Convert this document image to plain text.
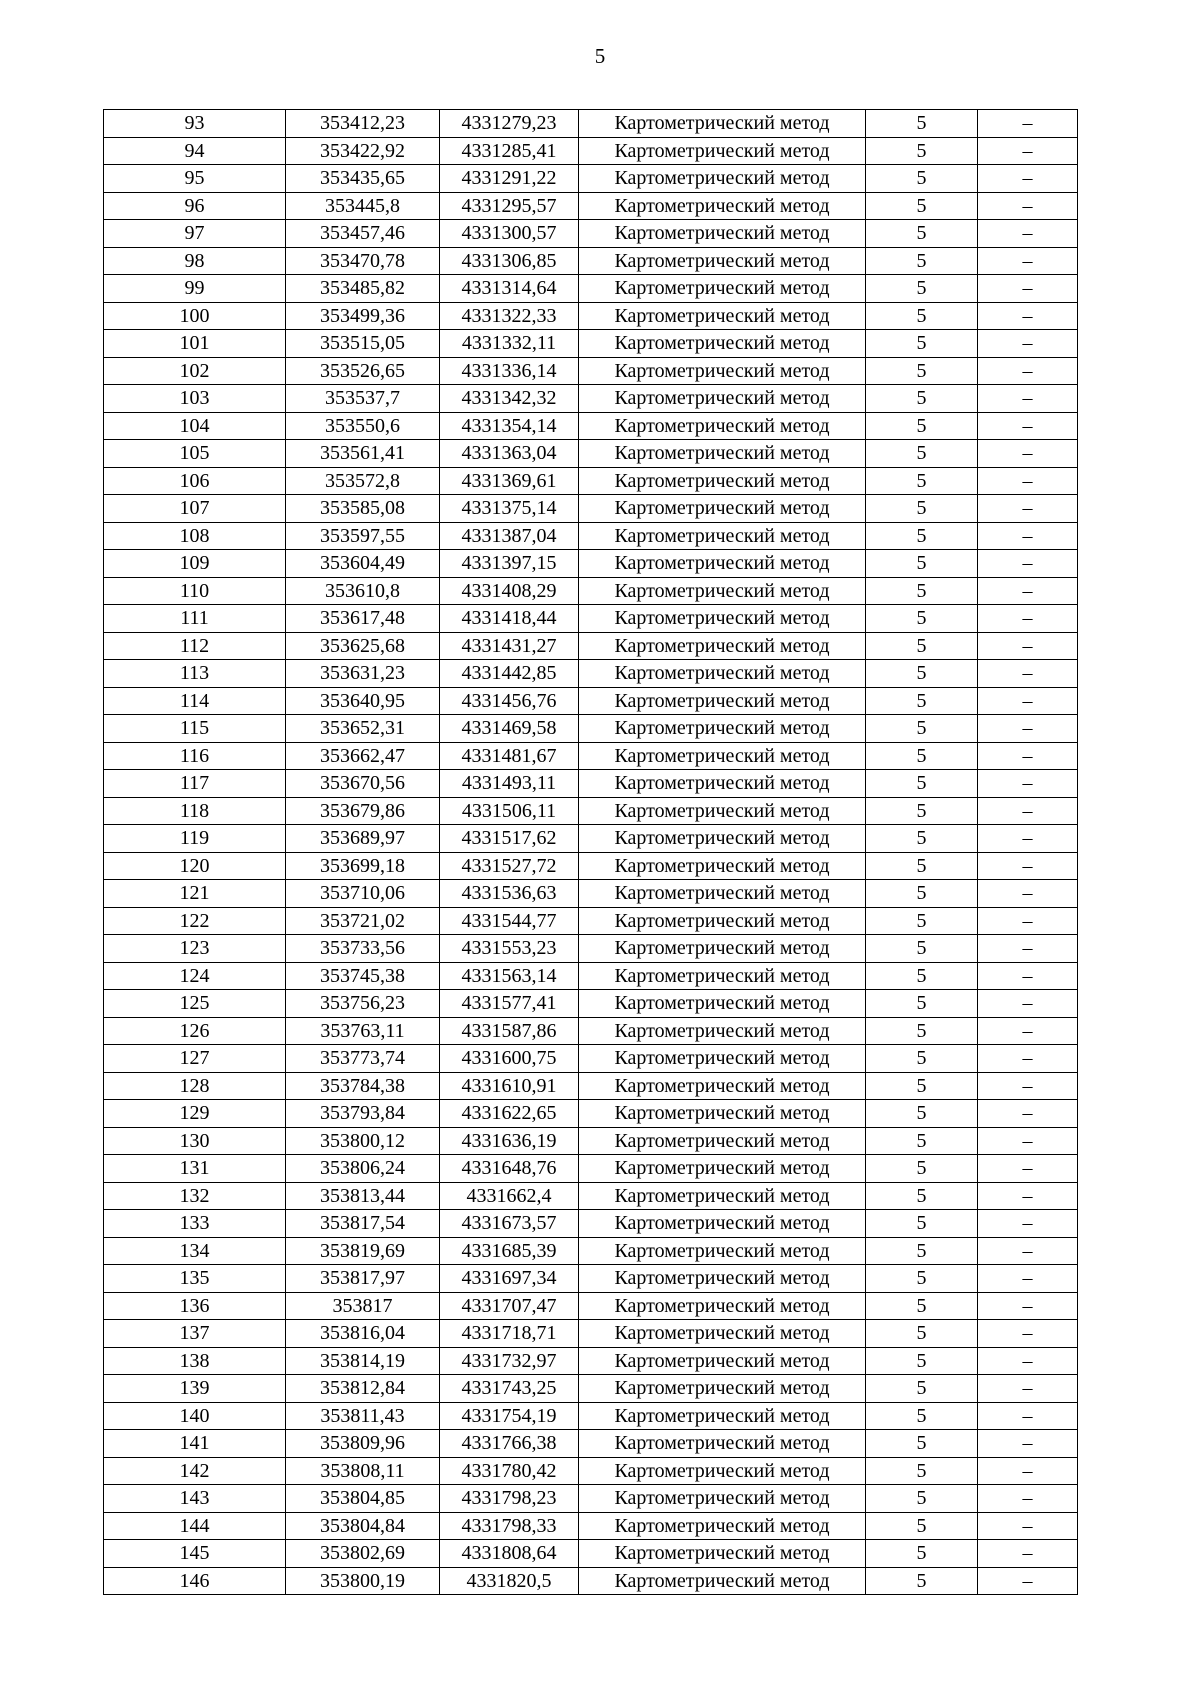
5
93	353412,23	4331279,23	Картометрический метод	5	–
94	353422,92	4331285,41	Картометрический метод	5	–
95	353435,65	4331291,22	Картометрический метод	5	–
96	353445,8	4331295,57	Картометрический метод	5	–
97	353457,46	4331300,57	Картометрический метод	5	–
98	353470,78	4331306,85	Картометрический метод	5	–
99	353485,82	4331314,64	Картометрический метод	5	–
100	353499,36	4331322,33	Картометрический метод	5	–
101	353515,05	4331332,11	Картометрический метод	5	–
102	353526,65	4331336,14	Картометрический метод	5	–
103	353537,7	4331342,32	Картометрический метод	5	–
104	353550,6	4331354,14	Картометрический метод	5	–
105	353561,41	4331363,04	Картометрический метод	5	–
106	353572,8	4331369,61	Картометрический метод	5	–
107	353585,08	4331375,14	Картометрический метод	5	–
108	353597,55	4331387,04	Картометрический метод	5	–
109	353604,49	4331397,15	Картометрический метод	5	–
110	353610,8	4331408,29	Картометрический метод	5	–
111	353617,48	4331418,44	Картометрический метод	5	–
112	353625,68	4331431,27	Картометрический метод	5	–
113	353631,23	4331442,85	Картометрический метод	5	–
114	353640,95	4331456,76	Картометрический метод	5	–
115	353652,31	4331469,58	Картометрический метод	5	–
116	353662,47	4331481,67	Картометрический метод	5	–
117	353670,56	4331493,11	Картометрический метод	5	–
118	353679,86	4331506,11	Картометрический метод	5	–
119	353689,97	4331517,62	Картометрический метод	5	–
120	353699,18	4331527,72	Картометрический метод	5	–
121	353710,06	4331536,63	Картометрический метод	5	–
122	353721,02	4331544,77	Картометрический метод	5	–
123	353733,56	4331553,23	Картометрический метод	5	–
124	353745,38	4331563,14	Картометрический метод	5	–
125	353756,23	4331577,41	Картометрический метод	5	–
126	353763,11	4331587,86	Картометрический метод	5	–
127	353773,74	4331600,75	Картометрический метод	5	–
128	353784,38	4331610,91	Картометрический метод	5	–
129	353793,84	4331622,65	Картометрический метод	5	–
130	353800,12	4331636,19	Картометрический метод	5	–
131	353806,24	4331648,76	Картометрический метод	5	–
132	353813,44	4331662,4	Картометрический метод	5	–
133	353817,54	4331673,57	Картометрический метод	5	–
134	353819,69	4331685,39	Картометрический метод	5	–
135	353817,97	4331697,34	Картометрический метод	5	–
136	353817	4331707,47	Картометрический метод	5	–
137	353816,04	4331718,71	Картометрический метод	5	–
138	353814,19	4331732,97	Картометрический метод	5	–
139	353812,84	4331743,25	Картометрический метод	5	–
140	353811,43	4331754,19	Картометрический метод	5	–
141	353809,96	4331766,38	Картометрический метод	5	–
142	353808,11	4331780,42	Картометрический метод	5	–
143	353804,85	4331798,23	Картометрический метод	5	–
144	353804,84	4331798,33	Картометрический метод	5	–
145	353802,69	4331808,64	Картометрический метод	5	–
146	353800,19	4331820,5	Картометрический метод	5	–
